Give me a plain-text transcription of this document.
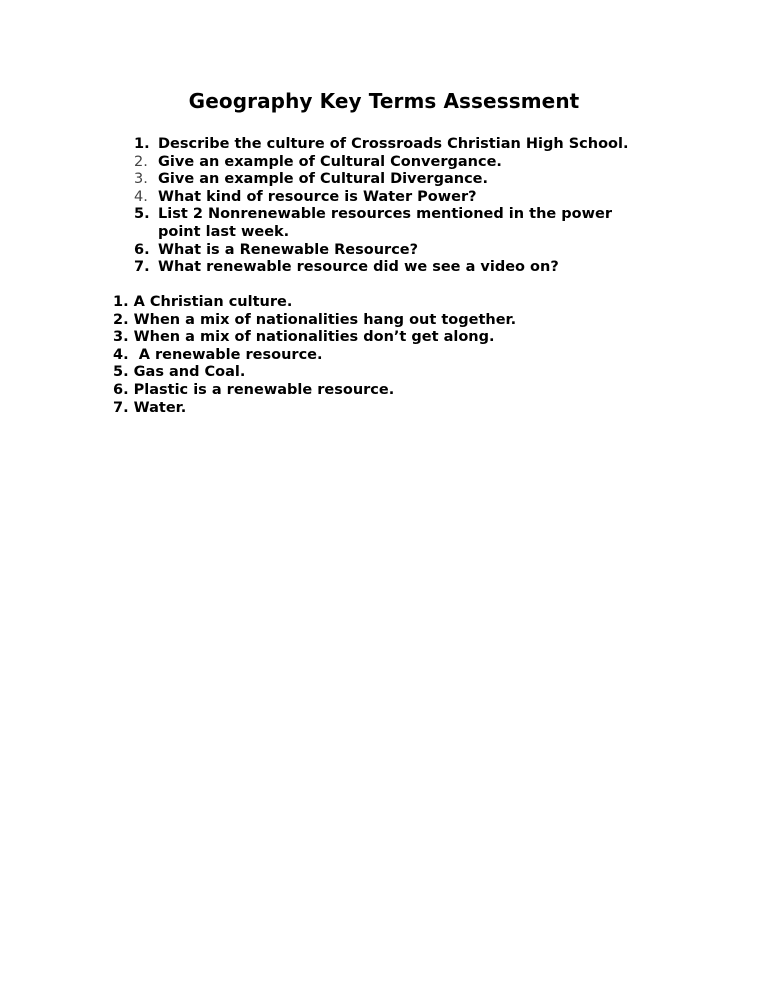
Geography Key Terms Assessment
1. Describe the culture of Crossroads Christian High School.
2. Give an example of Cultural Convergance.
3. Give an example of Cultural Divergance.
4. What kind of resource is Water Power?
5. List 2 Nonrenewable resources mentioned in the power point last week.
6. What is a Renewable Resource?
7. What renewable resource did we see a video on?
1. A Christian culture.
2. When a mix of nationalities hang out together.
3. When a mix of nationalities don’t get along.
4.  A renewable resource.
5. Gas and Coal.
6. Plastic is a renewable resource.
7. Water.
